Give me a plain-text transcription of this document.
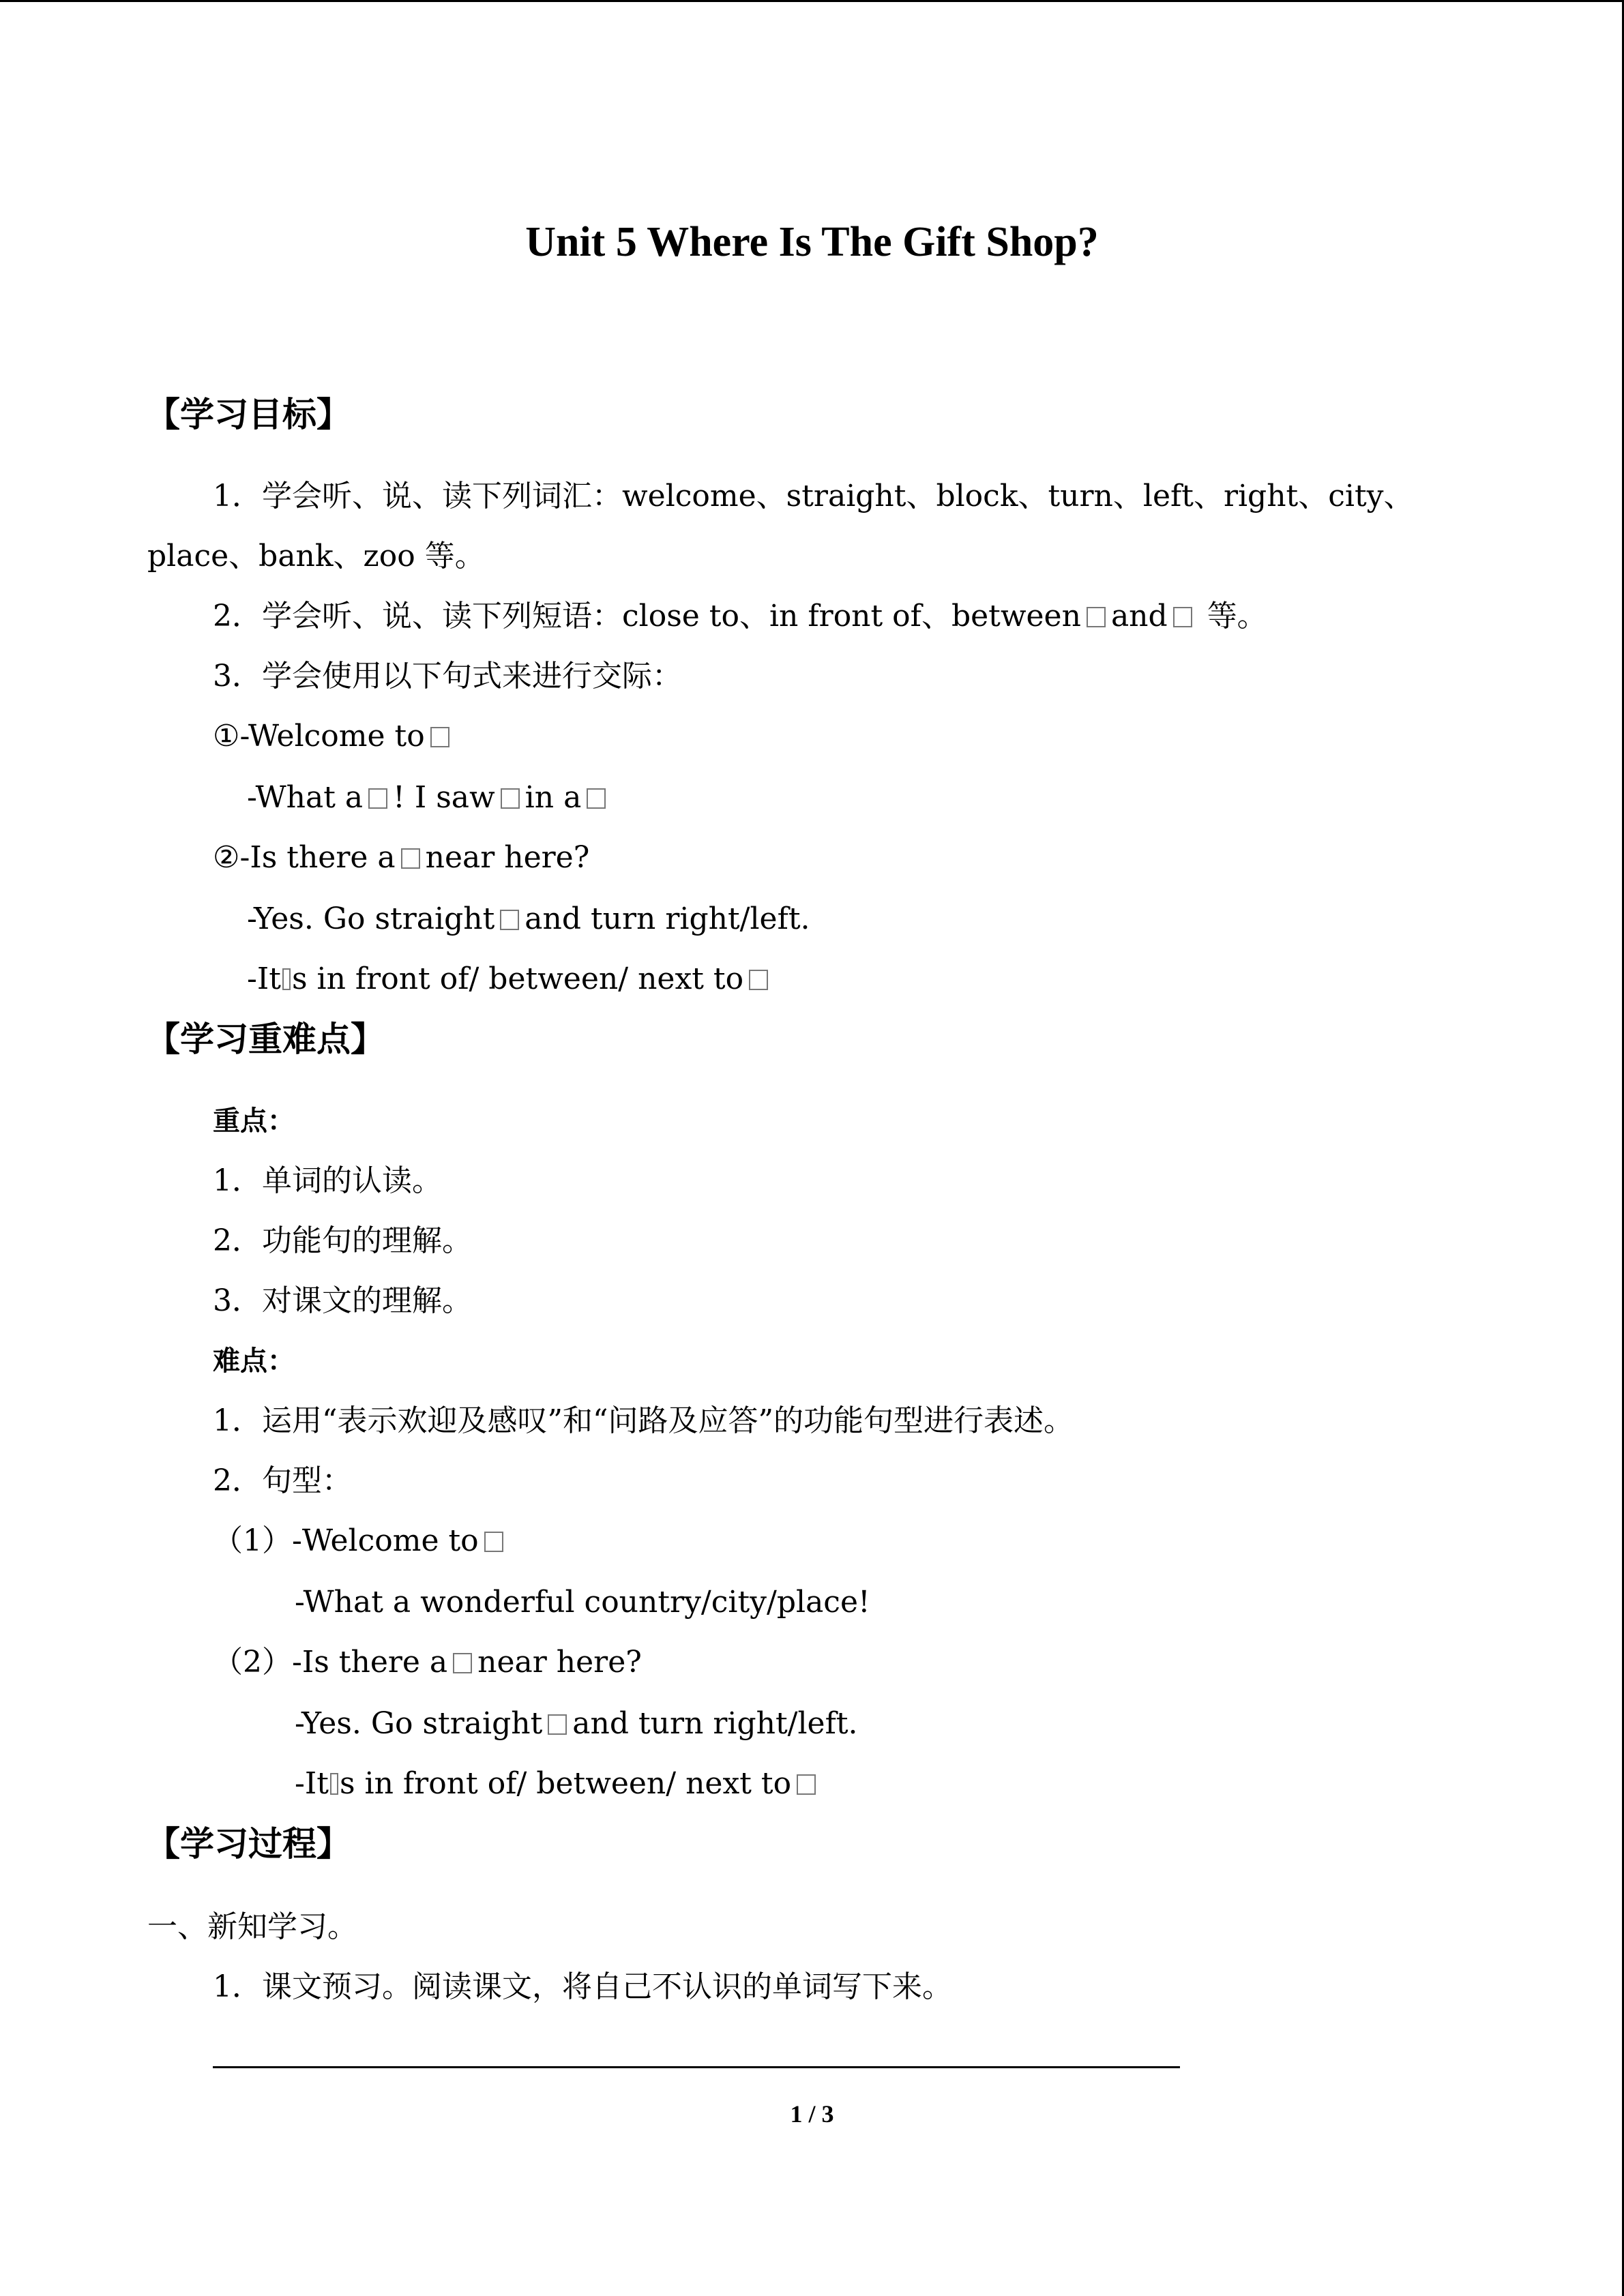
Unit 5 Where Is The Gift Shop?
【学习目标】
1．学会听、说、读下列词汇：welcome、straight、block、turn、left、right、city、
place、bank、zoo 等。
2．学会听、说、读下列短语：close to、in front of、between and 等。
3．学会使用以下句式来进行交际：
①-Welcome to
-What a ! I saw in a
②-Is there a near here?
-Yes. Go straight and turn right/left.
-It s in front of/ between/ next to
【学习重难点】
重点：
1．单词的认读。
2．功能句的理解。
3．对课文的理解。
难点：
1．运用“表示欢迎及感叹”和“问路及应答”的功能句型进行表述。
2．句型：
（1）-Welcome to
-What a wonderful country/city/place!
（2）-Is there a near here?
-Yes. Go straight and turn right/left.
-It s in front of/ between/ next to
【学习过程】
一、新知学习。
1．课文预习。阅读课文，将自己不认识的单词写下来。
1 / 3
